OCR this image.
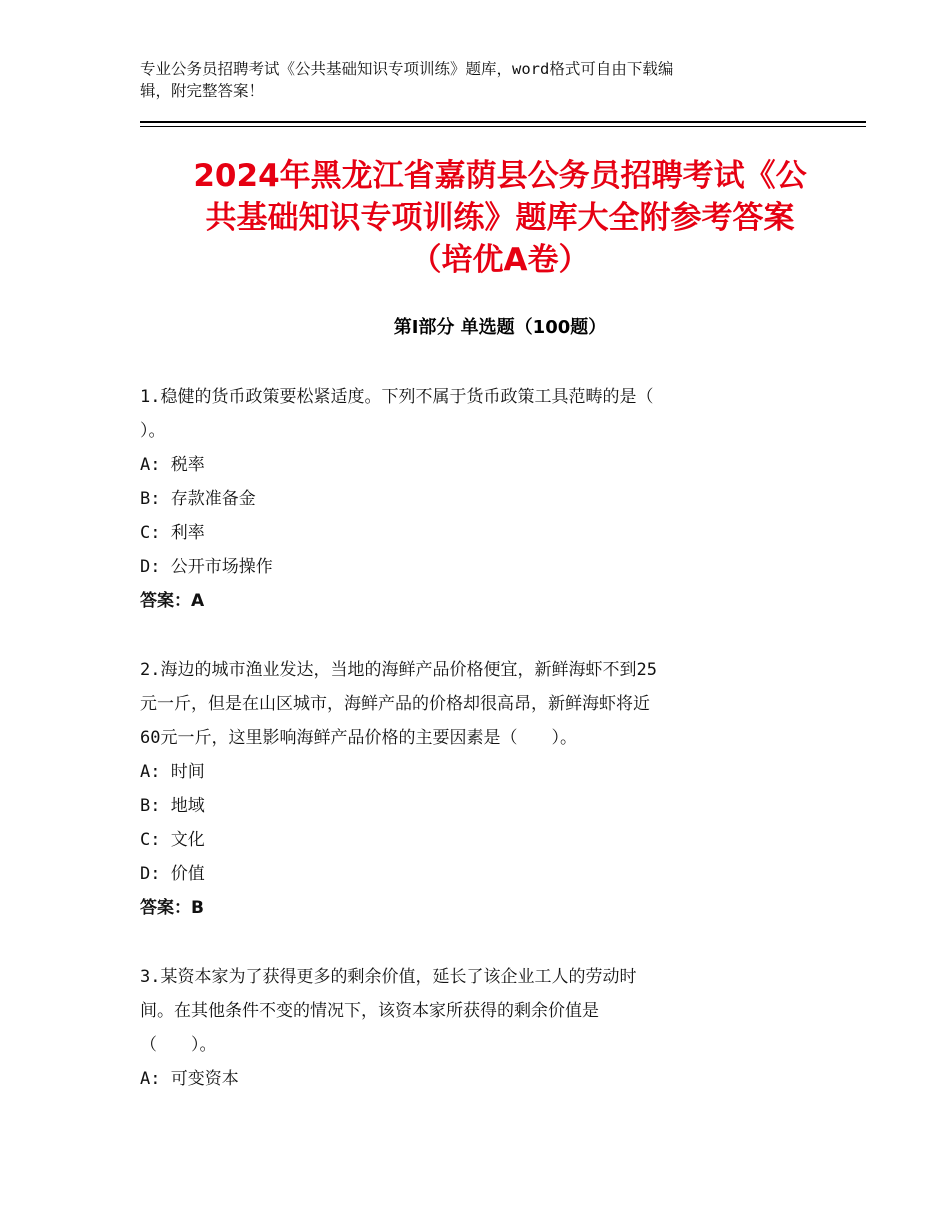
专业公务员招聘考试《公共基础知识专项训练》题库，word格式可自由下载编
辑，附完整答案！
2024年黑龙江省嘉荫县公务员招聘考试《公
共基础知识专项训练》题库大全附参考答案
（培优A卷）
第Ⅰ部分 单选题（100题）
1.稳健的货币政策要松紧适度。下列不属于货币政策工具范畴的是（
）。
A: 税率
B: 存款准备金
C: 利率
D: 公开市场操作
答案：A
2.海边的城市渔业发达，当地的海鲜产品价格便宜，新鲜海虾不到25
元一斤，但是在山区城市，海鲜产品的价格却很高昂，新鲜海虾将近
60元一斤，这里影响海鲜产品价格的主要因素是（　　）。
A: 时间
B: 地域
C: 文化
D: 价值
答案：B
3.某资本家为了获得更多的剩余价值，延长了该企业工人的劳动时
间。在其他条件不变的情况下，该资本家所获得的剩余价值是
（　　）。
A: 可变资本
